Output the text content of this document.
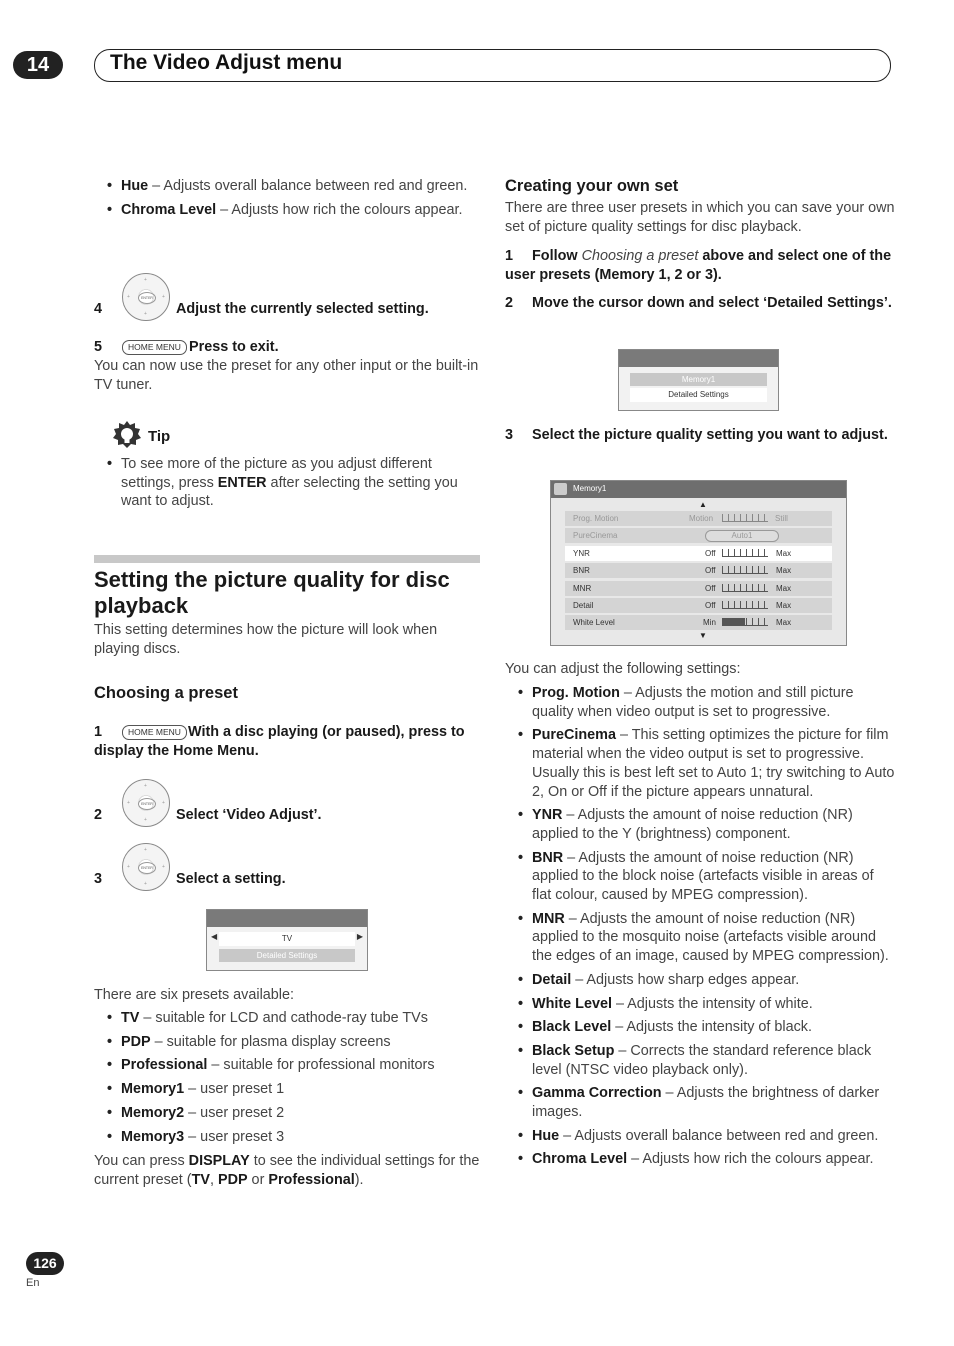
14	The Video Adjust menu
• Hue – Adjusts overall balance between red and green.
• Chroma Level – Adjusts how rich the colours appear.
+
+
+	+
ENTER
4	Adjust the currently selected setting.
5	HOME MENU Press to exit.
You can now use the preset for any other input or the built-in TV tuner.
Tip
• To see more of the picture as you adjust different settings, press ENTER after selecting the setting you want to adjust.
Setting the picture quality for disc playback
This setting determines how the picture will look when playing discs.
Choosing a preset
1	HOME MENU With a disc playing (or paused), press to display the Home Menu.
+
+
+	+
ENTER
2	Select ‘Video Adjust’.
+
+
+	+
ENTER
3	Select a setting.
◀	▶
TV
Detailed Settings
There are six presets available:
• TV – suitable for LCD and cathode-ray tube TVs
• PDP – suitable for plasma display screens
• Professional – suitable for professional monitors
• Memory1 – user preset 1
• Memory2 – user preset 2
• Memory3 – user preset 3
You can press DISPLAY to see the individual settings for the current preset (TV, PDP or Professional).
Creating your own set
There are three user presets in which you can save your own set of picture quality settings for disc playback.
1	Follow Choosing a preset above and select one of the user presets (Memory 1, 2 or 3).
2	Move the cursor down and select ‘Detailed Settings’.
Memory1
Detailed Settings
3	Select the picture quality setting you want to adjust.
Memory1
▲
▼
Prog. Motion	Motion	Still
PureCinema	Auto1
YNR	Off	Max
BNR	Off	Max
MNR	Off	Max
Detail	Off	Max
White Level	Min	Max
You can adjust the following settings:
• Prog. Motion – Adjusts the motion and still picture quality when video output is set to progressive.
• PureCinema – This setting optimizes the picture for film material when the video output is set to progressive. Usually this is best left set to Auto 1; try switching to Auto 2, On or Off if the picture appears unnatural.
• YNR – Adjusts the amount of noise reduction (NR) applied to the Y (brightness) component.
• BNR – Adjusts the amount of noise reduction (NR) applied to the block noise (artefacts visible in areas of flat colour, caused by MPEG compression).
• MNR – Adjusts the amount of noise reduction (NR) applied to the mosquito noise (artefacts visible around the edges of an image, caused by MPEG compression).
• Detail – Adjusts how sharp edges appear.
• White Level – Adjusts the intensity of white.
• Black Level – Adjusts the intensity of black.
• Black Setup – Corrects the standard reference black level (NTSC video playback only).
• Gamma Correction – Adjusts the brightness of darker images.
• Hue – Adjusts overall balance between red and green.
• Chroma Level – Adjusts how rich the colours appear.
126
En
